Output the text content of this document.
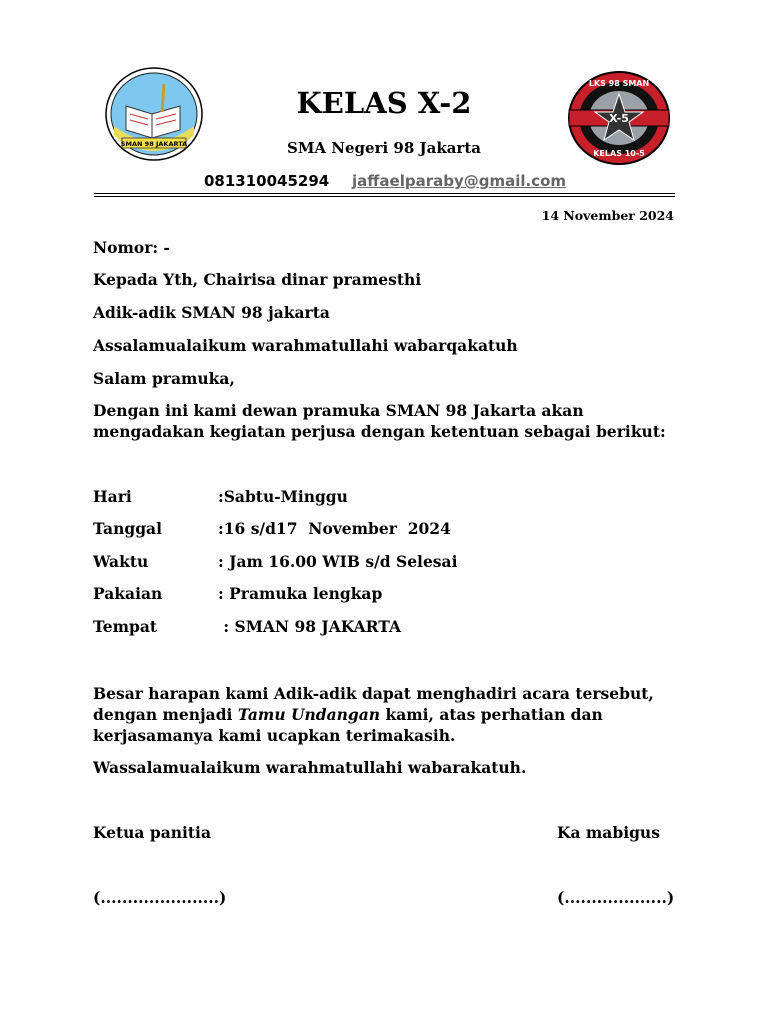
SMAN 98 JAKARTA
X-5
LKS 98 SMAN
KELAS 10-5
KELAS X-2
SMA Negeri 98 Jakarta
081310045294 jaffaelparaby@gmail.com
14 November 2024
Nomor: -
Kepada Yth, Chairisa dinar pramesthi
Adik-adik SMAN 98 jakarta
Assalamualaikum warahmatullahi wabarqakatuh
Salam pramuka,
Dengan ini kami dewan pramuka SMAN 98 Jakarta akan mengadakan kegiatan perjusa dengan ketentuan sebagai berikut:
Hari	:Sabtu-Minggu
Tanggal	:16 s/d17  November  2024
Waktu	: Jam 16.00 WIB s/d Selesai
Pakaian	: Pramuka lengkap
Tempat	: SMAN 98 JAKARTA
Besar harapan kami Adik-adik dapat menghadiri acara tersebut, dengan menjadi Tamu Undangan kami, atas perhatian dan kerjasamanya kami ucapkan terimakasih.
Wassalamualaikum warahmatullahi wabarakatuh.
Ketua panitia	Ka mabigus
(......................)	(...................)
